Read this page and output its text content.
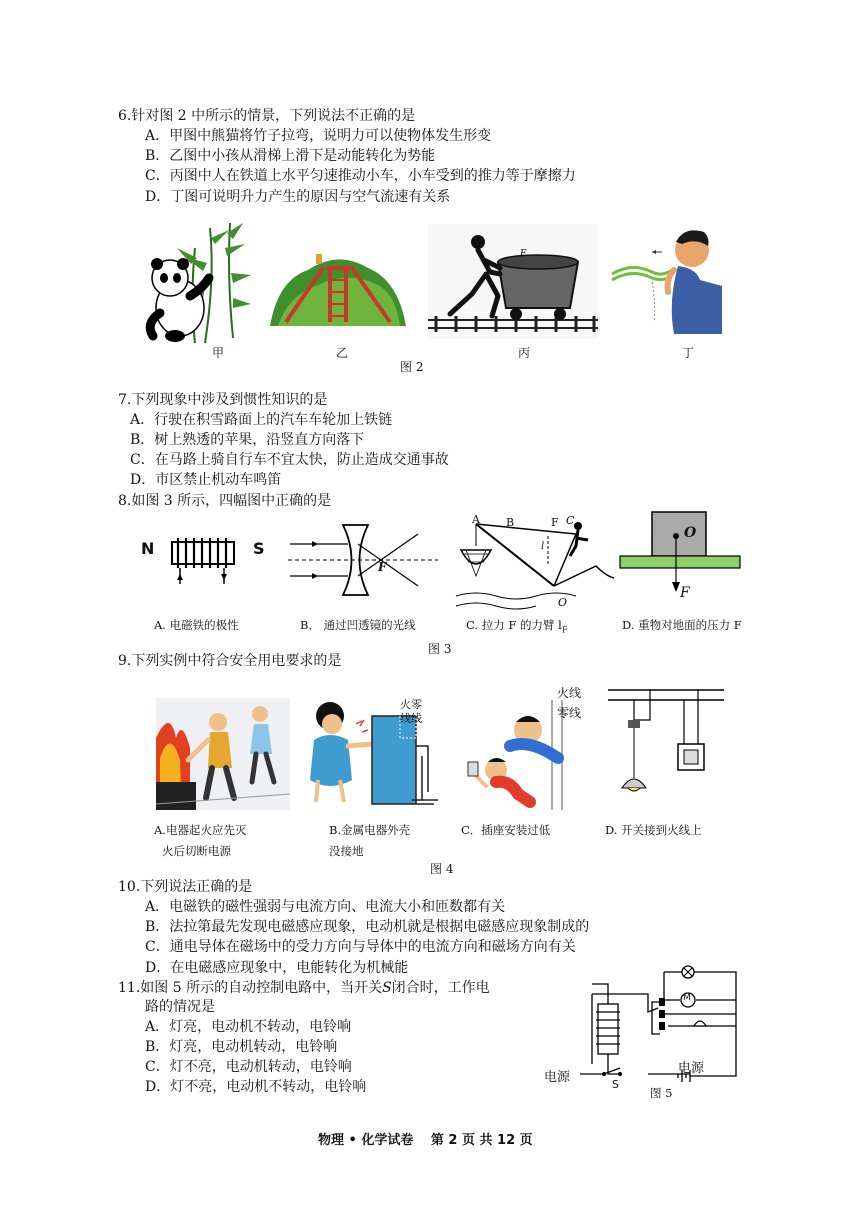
6.针对图 2 中所示的情景，下列说法不正确的是
A．甲图中熊猫将竹子拉弯，说明力可以使物体发生形变
B．乙图中小孩从滑梯上滑下是动能转化为势能
C．丙图中人在铁道上水平匀速推动小车，小车受到的推力等于摩擦力
D．丁图可说明升力产生的原因与空气流速有关系
甲	乙
F
丙	丁
图 2
7.下列现象中涉及到惯性知识的是
A．行驶在积雪路面上的汽车车轮加上铁链
B．树上熟透的苹果，沿竖直方向落下
C．在马路上骑自行车不宜太快，防止造成交通事故
D．市区禁止机动车鸣笛
8.如图 3 所示，四幅图中正确的是
N	S
F
A B	F C
l
O
O
F
A. 电磁铁的极性	B． 通过凹透镜的光线	C. 拉力 F 的力臂 $l_F$	D. 重物对地面的压力 F
图 3
9.下列实例中符合安全用电要求的是
火零
线线
火线
零线
A.电器起火应先灭
火后切断电源
B.金属电器外壳
没接地
C．插座安装过低	D. 开关接到火线上
图 4
10.下列说法正确的是
A．电磁铁的磁性强弱与电流方向、电流大小和匝数都有关
B．法拉第最先发现电磁感应现象，电动机就是根据电磁感应现象制成的
C．通电导体在磁场中的受力方向与导体中的电流方向和磁场方向有关
D．在电磁感应现象中，电能转化为机械能
11.如图 5 所示的自动控制电路中，当开关S闭合时，工作电
路的情况是
A．灯亮，电动机不转动，电铃响
B．灯亮，电动机转动，电铃响
C．灯不亮，电动机转动，电铃响
D．灯不亮，电动机不转动，电铃响
M
电源
电源
S
图 5
物理 • 化学试卷　 第 2 页 共 12 页
